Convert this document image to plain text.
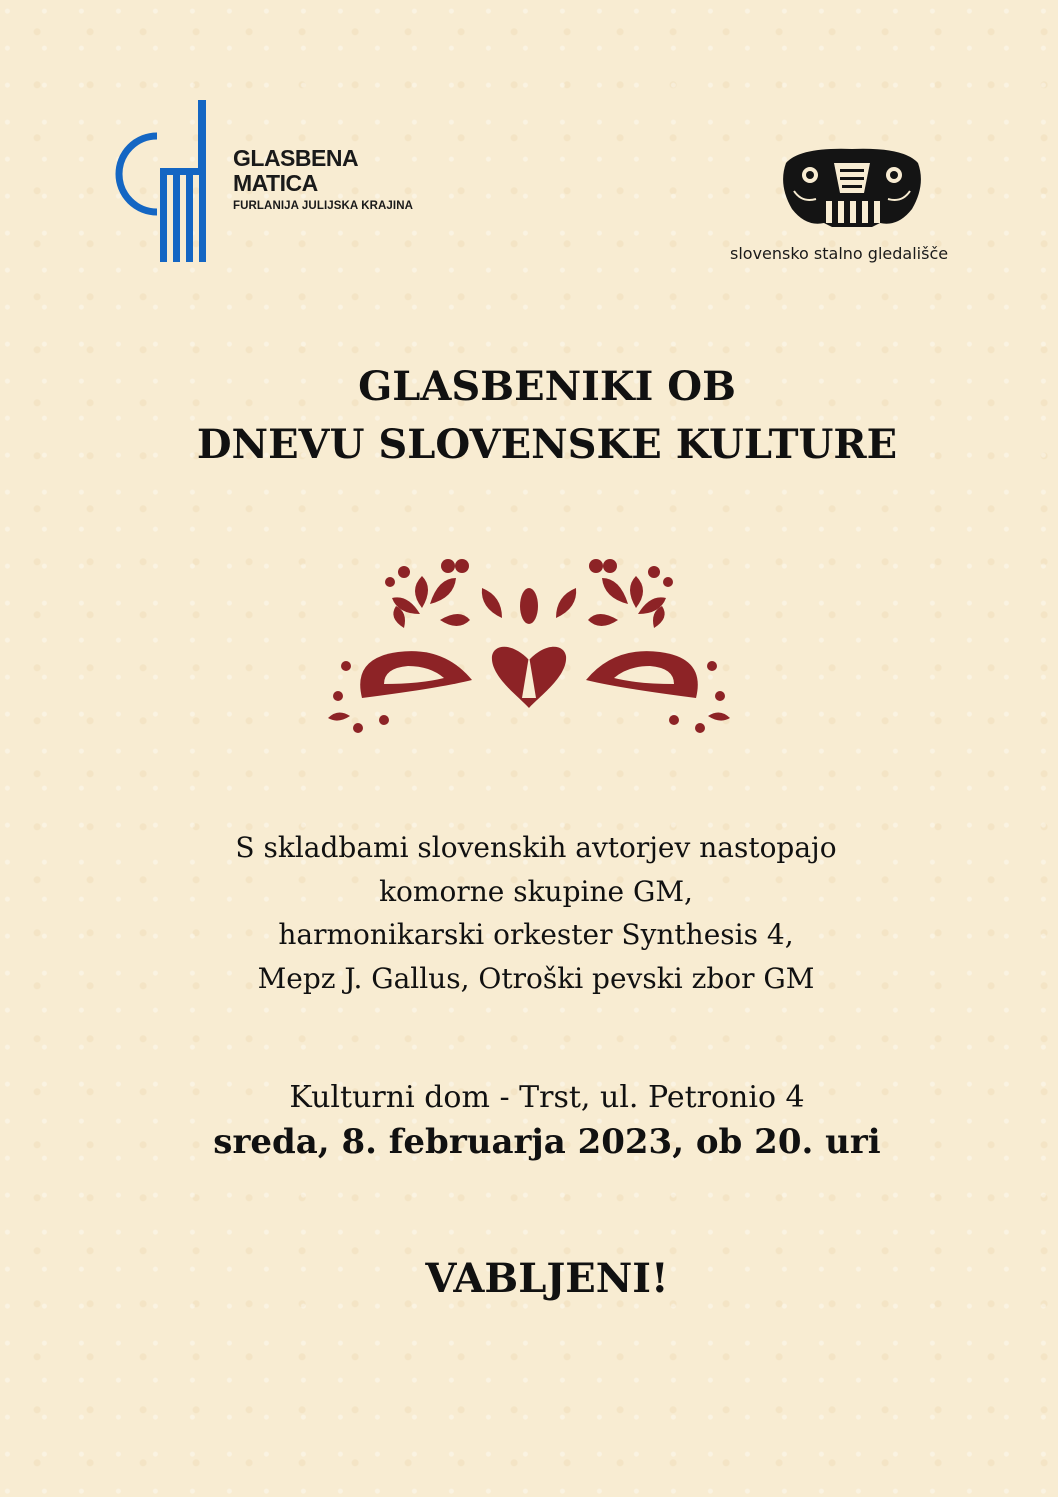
GLASBENA
MATICA
FURLANIJA JULIJSKA KRAJINA
slovensko stalno gledališče
GLASBENIKI OB
DNEVU SLOVENSKE KULTURE
S skladbami slovenskih avtorjev nastopajo
komorne skupine GM,
harmonikarski orkester Synthesis 4,
Mepz J. Gallus, Otroški pevski zbor GM
Kulturni dom - Trst, ul. Petronio 4
sreda, 8. februarja 2023, ob 20. uri
VABLJENI!
